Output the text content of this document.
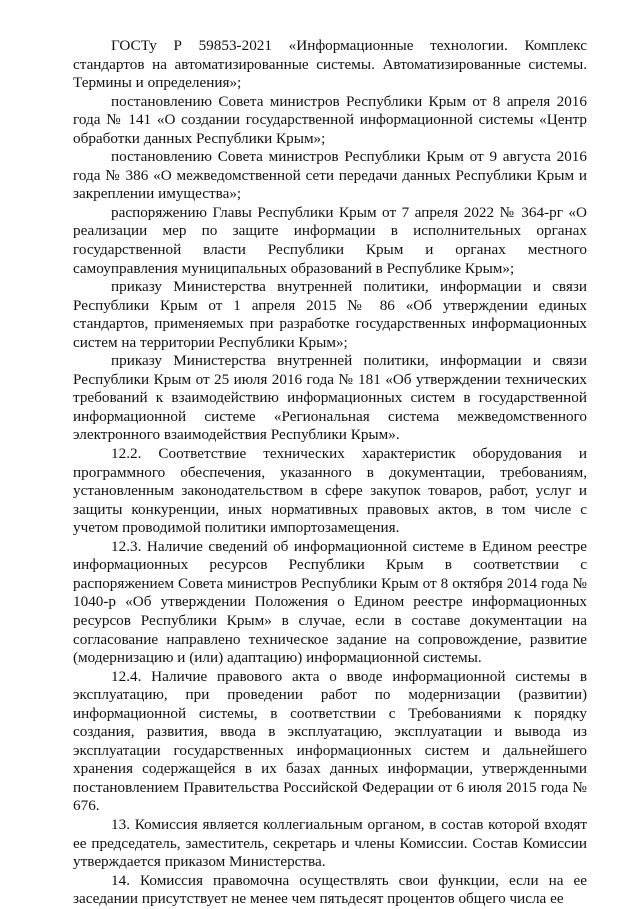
ГОСТу Р 59853-2021 «Информационные технологии. Комплекс стандартов на автоматизированные системы. Автоматизированные системы. Термины и определения»;

постановлению Совета министров Республики Крым от 8 апреля 2016 года № 141 «О создании государственной информационной системы «Центр обработки данных Республики Крым»;

постановлению Совета министров Республики Крым от 9 августа 2016 года № 386 «О межведомственной сети передачи данных Республики Крым и закреплении имущества»;

распоряжению Главы Республики Крым от 7 апреля 2022 № 364-рг «О реализации мер по защите информации в исполнительных органах государственной власти Республики Крым и органах местного самоуправления муниципальных образований в Республике Крым»;

приказу Министерства внутренней политики, информации и связи Республики Крым от 1 апреля 2015 № 86 «Об утверждении единых стандартов, применяемых при разработке государственных информационных систем на территории Республики Крым»;

приказу Министерства внутренней политики, информации и связи Республики Крым от 25 июля 2016 года № 181 «Об утверждении технических требований к взаимодействию информационных систем в государственной информационной системе «Региональная система межведомственного электронного взаимодействия Республики Крым».

12.2. Соответствие технических характеристик оборудования и программного обеспечения, указанного в документации, требованиям, установленным законодательством в сфере закупок товаров, работ, услуг и защиты конкуренции, иных нормативных правовых актов, в том числе с учетом проводимой политики импортозамещения.

12.3. Наличие сведений об информационной системе в Едином реестре информационных ресурсов Республики Крым в соответствии с распоряжением Совета министров Республики Крым от 8 октября 2014 года № 1040-р «Об утверждении Положения о Едином реестре информационных ресурсов Республики Крым» в случае, если в составе документации на согласование направлено техническое задание на сопровождение, развитие (модернизацию и (или) адаптацию) информационной системы.

12.4. Наличие правового акта о вводе информационной системы в эксплуатацию, при проведении работ по модернизации (развитии) информационной системы, в соответствии с Требованиями к порядку создания, развития, ввода в эксплуатацию, эксплуатации и вывода из эксплуатации государственных информационных систем и дальнейшего хранения содержащейся в их базах данных информации, утвержденными постановлением Правительства Российской Федерации от 6 июля 2015 года № 676.

13. Комиссия является коллегиальным органом, в состав которой входят ее председатель, заместитель, секретарь и члены Комиссии. Состав Комиссии утверждается приказом Министерства.

14. Комиссия правомочна осуществлять свои функции, если на ее заседании присутствует не менее чем пятьдесят процентов общего числа ее
